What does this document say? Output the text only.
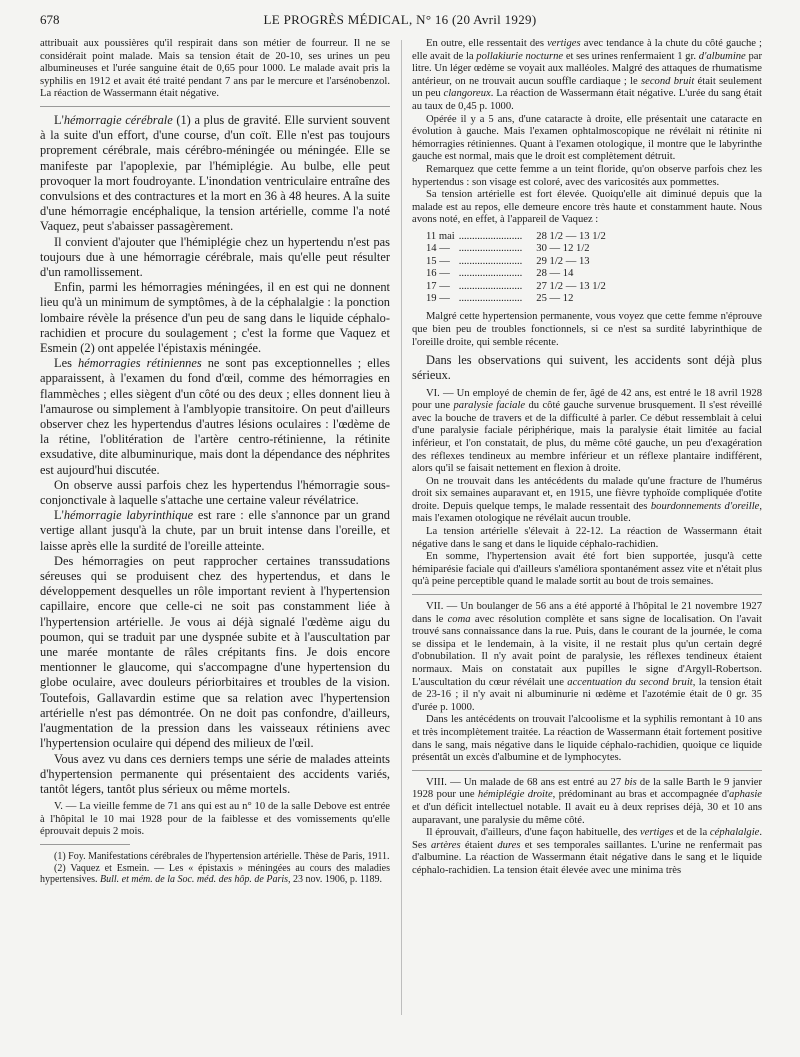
678	LE PROGRÈS MÉDICAL, N° 16 (20 Avril 1929)

attribuait aux poussières qu'il respirait dans son métier de fourreur. Il ne se considérait point malade. Mais sa tension était de 20-10, ses urines un peu albumineuses et l'urée sanguine était de 0,65 pour 1000. Le malade avait pris la syphilis en 1912 et avait été traité pendant 7 ans par le mercure et l'arsénobenzol. La réaction de Wassermann était négative.

L'hémorragie cérébrale (1) a plus de gravité. Elle survient souvent à la suite d'un effort, d'une course, d'un coït. Elle n'est pas toujours proprement cérébrale, mais cérébro-méningée ou méningée. Elle se manifeste par l'apoplexie, par l'hémiplégie. Au bulbe, elle peut provoquer la mort foudroyante. L'inondation ventriculaire entraîne des convulsions et des contractures et la mort en 36 à 48 heures. A la suite d'une hémorragie encéphalique, la tension artérielle, comme l'a noté Vaquez, peut s'abaisser passagèrement.

Il convient d'ajouter que l'hémiplégie chez un hypertendu n'est pas toujours due à une hémorragie cérébrale, mais qu'elle peut résulter d'un ramollissement.

Enfin, parmi les hémorragies méningées, il en est qui ne donnent lieu qu'à un minimum de symptômes, à de la céphalalgie : la ponction lombaire révèle la présence d'un peu de sang dans le liquide céphalo-rachidien et procure du soulagement ; c'est la forme que Vaquez et Esmein (2) ont appelée l'épistaxis méningée.

Les hémorragies rétiniennes ne sont pas exceptionnelles ; elles apparaissent, à l'examen du fond d'œil, comme des hémorragies en flammèches ; elles siègent d'un côté ou des deux ; elles donnent lieu à l'amaurose ou simplement à l'amblyopie transitoire. On peut d'ailleurs observer chez les hypertendus d'autres lésions oculaires : l'œdème de la rétine, l'oblitération de l'artère centro-rétinienne, la rétinite exsudative, dite albuminurique, mais dont la dépendance des néphrites est aujourd'hui discutée.

On observe aussi parfois chez les hypertendus l'hémorragie sous-conjonctivale à laquelle s'attache une certaine valeur révélatrice.

L'hémorragie labyrinthique est rare : elle s'annonce par un grand vertige allant jusqu'à la chute, par un bruit intense dans l'oreille, et laisse après elle la surdité de l'oreille atteinte.

Des hémorragies on peut rapprocher certaines transsudations séreuses qui se produisent chez des hypertendus, et dans le développement desquelles un rôle important revient à l'hypertension capillaire, encore que celle-ci ne soit pas constamment liée à l'hypertension artérielle. Je vous ai déjà signalé l'œdème aigu du poumon, qui se traduit par une dyspnée subite et à l'auscultation par une marée montante de râles crépitants fins. Je dois encore mentionner le glaucome, qui s'accompagne d'une hypertension du globe oculaire, avec douleurs périorbitaires et troubles de la vision. Toutefois, Gallavardin estime que sa relation avec l'hypertension artérielle n'est pas démontrée. On ne doit pas confondre, d'ailleurs, l'augmentation de la pression dans les vaisseaux rétiniens avec l'hypertension oculaire qui dépend des milieux de l'œil.

Vous avez vu dans ces derniers temps une série de malades atteints d'hypertension permanente qui présentaient des accidents variés, tantôt légers, tantôt plus sérieux ou même mortels.

V. — La vieille femme de 71 ans qui est au n° 10 de la salle Debove est entrée à l'hôpital le 10 mai 1928 pour de la faiblesse et des vomissements qu'elle éprouvait depuis 2 mois.

(1) Foy. Manifestations cérébrales de l'hypertension artérielle. Thèse de Paris, 1911.

(2) Vaquez et Esmein. — Les « épistaxis » méningées au cours des maladies hypertensives. Bull. et mém. de la Soc. méd. des hôp. de Paris, 23 nov. 1906, p. 1189.

En outre, elle ressentait des vertiges avec tendance à la chute du côté gauche ; elle avait de la pollakiurie nocturne et ses urines renfermaient 1 gr. d'albumine par litre. Un léger œdème se voyait aux malléoles. Malgré des attaques de rhumatisme antérieur, on ne trouvait aucun souffle cardiaque ; le second bruit était seulement un peu clangoreux. La réaction de Wassermann était négative. L'urée du sang était au taux de 0,45 p. 1000.

Opérée il y a 5 ans, d'une cataracte à droite, elle présentait une cataracte en évolution à gauche. Mais l'examen ophtalmoscopique ne révélait ni rétinite ni hémorragies rétiniennes. Quant à l'examen otologique, il montre que le labyrinthe gauche est normal, mais que le droit est complètement détruit.

Remarquez que cette femme a un teint floride, qu'on observe parfois chez les hypertendus : son visage est coloré, avec des varicosités aux pommettes.

Sa tension artérielle est fort élevée. Quoiqu'elle ait diminué depuis que la malade est au repos, elle demeure encore très haute et constamment haute. Nous avons noté, en effet, à l'appareil de Vaquez :

11 mai	........................	28 1/2 — 13 1/2
14 —	........................	30 — 12 1/2
15 —	........................	29 1/2 — 13
16 —	........................	28 — 14
17 —	........................	27 1/2 — 13 1/2
19 —	........................	25 — 12

Malgré cette hypertension permanente, vous voyez que cette femme n'éprouve que bien peu de troubles fonctionnels, si ce n'est sa surdité labyrinthique de l'oreille droite, qui semble récente.

Dans les observations qui suivent, les accidents sont déjà plus sérieux.

VI. — Un employé de chemin de fer, âgé de 42 ans, est entré le 18 avril 1928 pour une paralysie faciale du côté gauche survenue brusquement. Il s'est réveillé avec la bouche de travers et de la difficulté à parler. Ce début ressemblait à celui d'une paralysie faciale périphérique, mais la paralysie était limitée au facial inférieur, et l'on constatait, de plus, du même côté gauche, un peu d'exagération des réflexes tendineux au membre inférieur et un réflexe plantaire indifférent, alors qu'il se faisait nettement en flexion à droite.

On ne trouvait dans les antécédents du malade qu'une fracture de l'humérus droit six semaines auparavant et, en 1915, une fièvre typhoïde compliquée d'otite droite. Depuis quelque temps, le malade ressentait des bourdonnements d'oreille, mais l'examen otologique ne révélait aucun trouble.

La tension artérielle s'élevait à 22-12. La réaction de Wassermann était négative dans le sang et dans le liquide céphalo-rachidien.

En somme, l'hypertension avait été fort bien supportée, jusqu'à cette hémiparésie faciale qui d'ailleurs s'améliora spontanément assez vite et n'était plus qu'à peine perceptible quand le malade sortit au bout de trois semaines.

VII. — Un boulanger de 56 ans a été apporté à l'hôpital le 21 novembre 1927 dans le coma avec résolution complète et sans signe de localisation. On l'avait trouvé sans connaissance dans la rue. Puis, dans le courant de la journée, le coma se dissipa et le lendemain, à la visite, il ne restait plus qu'un certain degré d'obnubilation. Il n'y avait point de paralysie, les réflexes tendineux étaient normaux. Mais on constatait aux pupilles le signe d'Argyll-Robertson. L'auscultation du cœur révélait une accentuation du second bruit, la tension était de 23-16 ; il n'y avait ni albuminurie ni œdème et l'azotémie était de 0 gr. 35 d'urée p. 1000.

Dans les antécédents on trouvait l'alcoolisme et la syphilis remontant à 10 ans et très incomplètement traitée. La réaction de Wassermann était fortement positive dans le sang, mais négative dans le liquide céphalo-rachidien, quoique ce liquide présentât un excès d'albumine et de lymphocytes.

VIII. — Un malade de 68 ans est entré au 27 bis de la salle Barth le 9 janvier 1928 pour une hémiplégie droite, prédominant au bras et accompagnée d'aphasie et d'un déficit intellectuel notable. Il avait eu à deux reprises déjà, 30 et 10 ans auparavant, une paralysie du même côté.

Il éprouvait, d'ailleurs, d'une façon habituelle, des vertiges et de la céphalalgie. Ses artères étaient dures et ses temporales saillantes. L'urine ne renfermait pas d'albumine. La réaction de Wassermann était négative dans le sang et le liquide céphalo-rachidien. La tension était élevée avec une minima très
